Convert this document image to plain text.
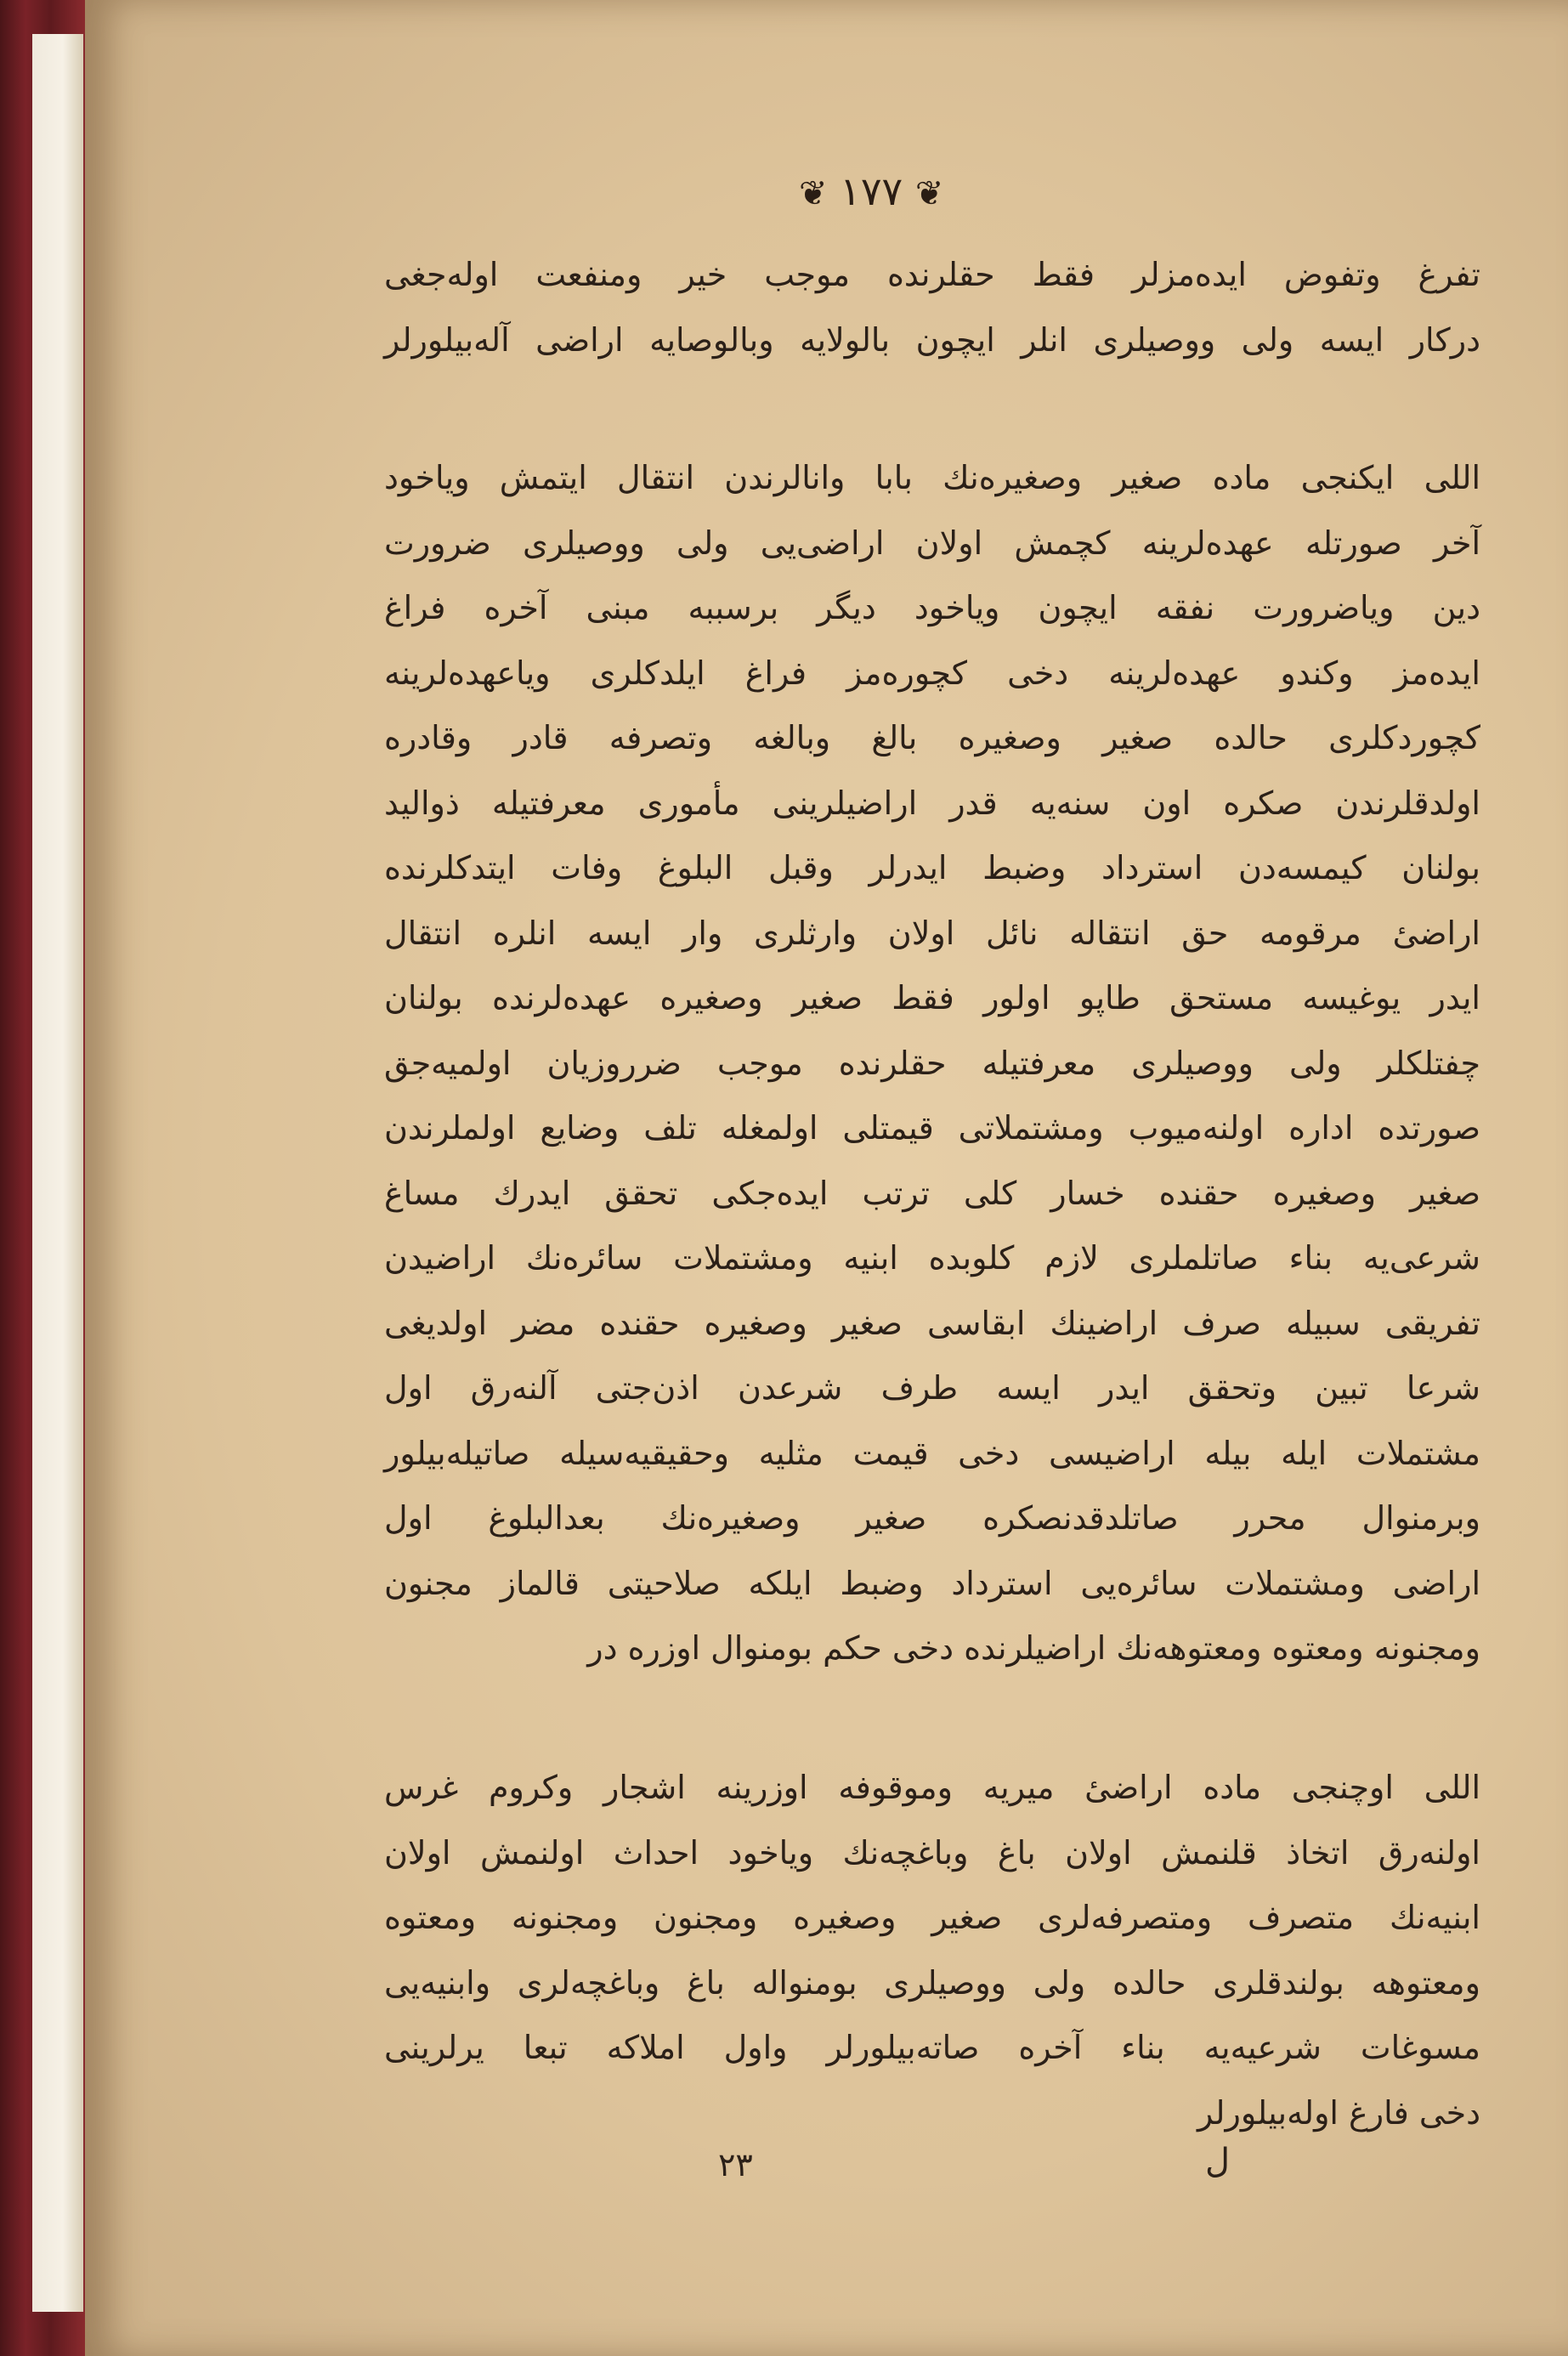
❦ ١٧٧ ❦
تفرغ وتفوض ایده‌مزلر فقط حقلرنده موجب خیر ومنفعت اوله‌جغی
دركار ایسه ولی ووصیلری انلر ایچون بالولایه وبالوصایه اراضی آله‌بیلورلر
اللی ایكنجی ماده صغیر وصغیره‌نك بابا وانالرندن انتقال ایتمش وياخود
آخر صورتله عهده‌لرینه كچمش اولان اراضی‌یی ولی ووصیلری ضرورت
دین ویاضرورت نفقه ایچون وياخود دیگر برسببه مبنی آخره فراغ
ایده‌مز وكندو عهده‌لرینه دخی كچوره‌مز فراغ ایلدكلری ویاعهده‌لرینه
كچوردكلری حالده صغیر وصغیره بالغ وبالغه وتصرفه قادر وقادره
اولدقلرندن صكره اون سنه‌یه قدر اراضیلرینی مأموری معرفتیله ذوالید
بولنان كیمسه‌دن استرداد وضبط ایدرلر وقبل البلوغ وفات ایتدكلرنده
اراضیٔ مرقومه حق انتقاله نائل اولان وارثلری وار ایسه انلره انتقال
ایدر یوغیسه مستحق طاپو اولور فقط صغیر وصغیره عهده‌لرنده بولنان
چفتلكلر ولی ووصیلری معرفتیله حقلرنده موجب ضرروزیان اولمیه‌جق
صورتده اداره اولنه‌میوب ومشتملاتی قیمتلی اولمغله تلف وضایع اولملرندن
صغیر وصغیره حقنده خسار كلی ترتب ایده‌جكی تحقق ایدرك مساغ
شرعی‌یه بناء صاتلملری لازم كلوبده ابنیه ومشتملات سائره‌نك اراضیدن
تفریقی سبیله صرف اراضینك ابقاسی صغیر وصغیره حقنده مضر اولدیغی
شرعا تبین وتحقق ایدر ایسه طرف شرعدن اذن‌جتی آلنه‌رق اول
مشتملات ایله بیله اراضیسی دخی قیمت مثلیه وحقیقیه‌سیله صاتیله‌بیلور
وبرمنوال محرر صاتلدقدنصكره صغیر وصغیره‌نك بعدالبلوغ اول
اراضی ومشتملات سائره‌یی استرداد وضبط ایلكه صلاحیتی قالماز مجنون
ومجنونه ومعتوه ومعتوهه‌نك اراضیلرنده دخی حكم بومنوال اوزره در
اللی اوچنجی ماده اراضیٔ میریه وموقوفه اوزرینه اشجار وكروم غرس
اولنه‌رق اتخاذ قلنمش اولان باغ وباغچه‌نك وياخود احداث اولنمش اولان
ابنیه‌نك متصرف ومتصرفه‌لری صغیر وصغیره ومجنون ومجنونه ومعتوه
ومعتوهه بولندقلری حالده ولی ووصیلری بومنواله باغ وباغچه‌لری وابنیه‌یی
مسوغات شرعیه‌یه بناء آخره صاته‌بیلورلر واول املاكه تبعا یرلرینی
دخی فارغ اوله‌بیلورلر
٢٣	ل
